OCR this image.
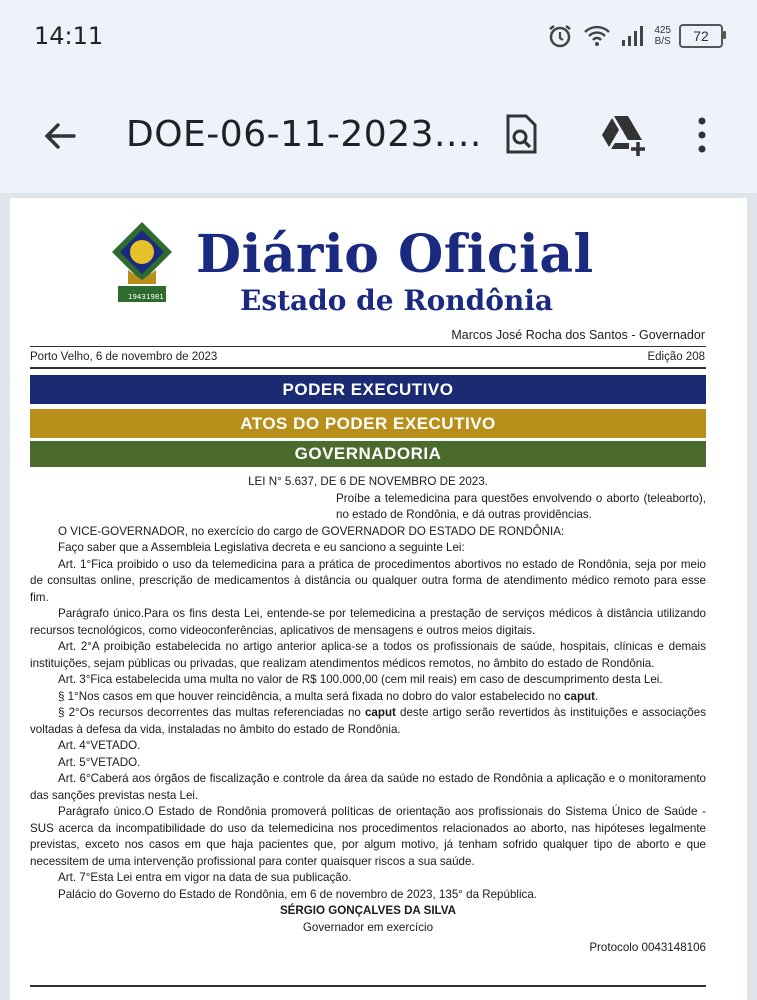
14:11	425
B/S 72
DOE-06-11-2023....
1943 1981
Diário Oficial
Estado de Rondônia
Marcos José Rocha dos Santos - Governador
Porto Velho, 6 de novembro de 2023	Edição 208
PODER EXECUTIVO
ATOS DO PODER EXECUTIVO
GOVERNADORIA

LEI N° 5.637, DE 6 DE NOVEMBRO DE 2023.

Proíbe a telemedicina para questões envolvendo o aborto (teleaborto), no estado de Rondônia, e dá outras providências.

O VICE-GOVERNADOR, no exercício do cargo de GOVERNADOR DO ESTADO DE RONDÔNIA:

Faço saber que a Assembleia Legislativa decreta e eu sanciono a seguinte Lei:

Art. 1°Fica proibido o uso da telemedicina para a prática de procedimentos abortivos no estado de Rondônia, seja por meio de consultas online, prescrição de medicamentos à distância ou qualquer outra forma de atendimento médico remoto para esse fim.

Parágrafo único.Para os fins desta Lei, entende-se por telemedicina a prestação de serviços médicos à distância utilizando recursos tecnológicos, como videoconferências, aplicativos de mensagens e outros meios digitais.

Art. 2°A proibição estabelecida no artigo anterior aplica-se a todos os profissionais de saúde, hospitais, clínicas e demais instituições, sejam públicas ou privadas, que realizam atendimentos médicos remotos, no âmbito do estado de Rondônia.

Art. 3°Fica estabelecida uma multa no valor de R$ 100.000,00 (cem mil reais) em caso de descumprimento desta Lei.

§ 1°Nos casos em que houver reincidência, a multa será fixada no dobro do valor estabelecido no caput.

§ 2°Os recursos decorrentes das multas referenciadas no caput deste artigo serão revertidos às instituições e associações voltadas à defesa da vida, instaladas no âmbito do estado de Rondônia.

Art. 4°VETADO.

Art. 5°VETADO.

Art. 6°Caberá aos órgãos de fiscalização e controle da área da saúde no estado de Rondônia a aplicação e o monitoramento das sanções previstas nesta Lei.

Parágrafo único.O Estado de Rondônia promoverá políticas de orientação aos profissionais do Sistema Único de Saúde - SUS acerca da incompatibilidade do uso da telemedicina nos procedimentos relacionados ao aborto, nas hipóteses legalmente previstas, exceto nos casos em que haja pacientes que, por algum motivo, já tenham sofrido qualquer tipo de aborto e que necessitem de uma intervenção profissional para conter quaisquer riscos a sua saúde.

Art. 7°Esta Lei entra em vigor na data de sua publicação.

Palácio do Governo do Estado de Rondônia, em 6 de novembro de 2023, 135° da República.

SÉRGIO GONÇALVES DA SILVA

Governador em exercício

Protocolo 0043148106
